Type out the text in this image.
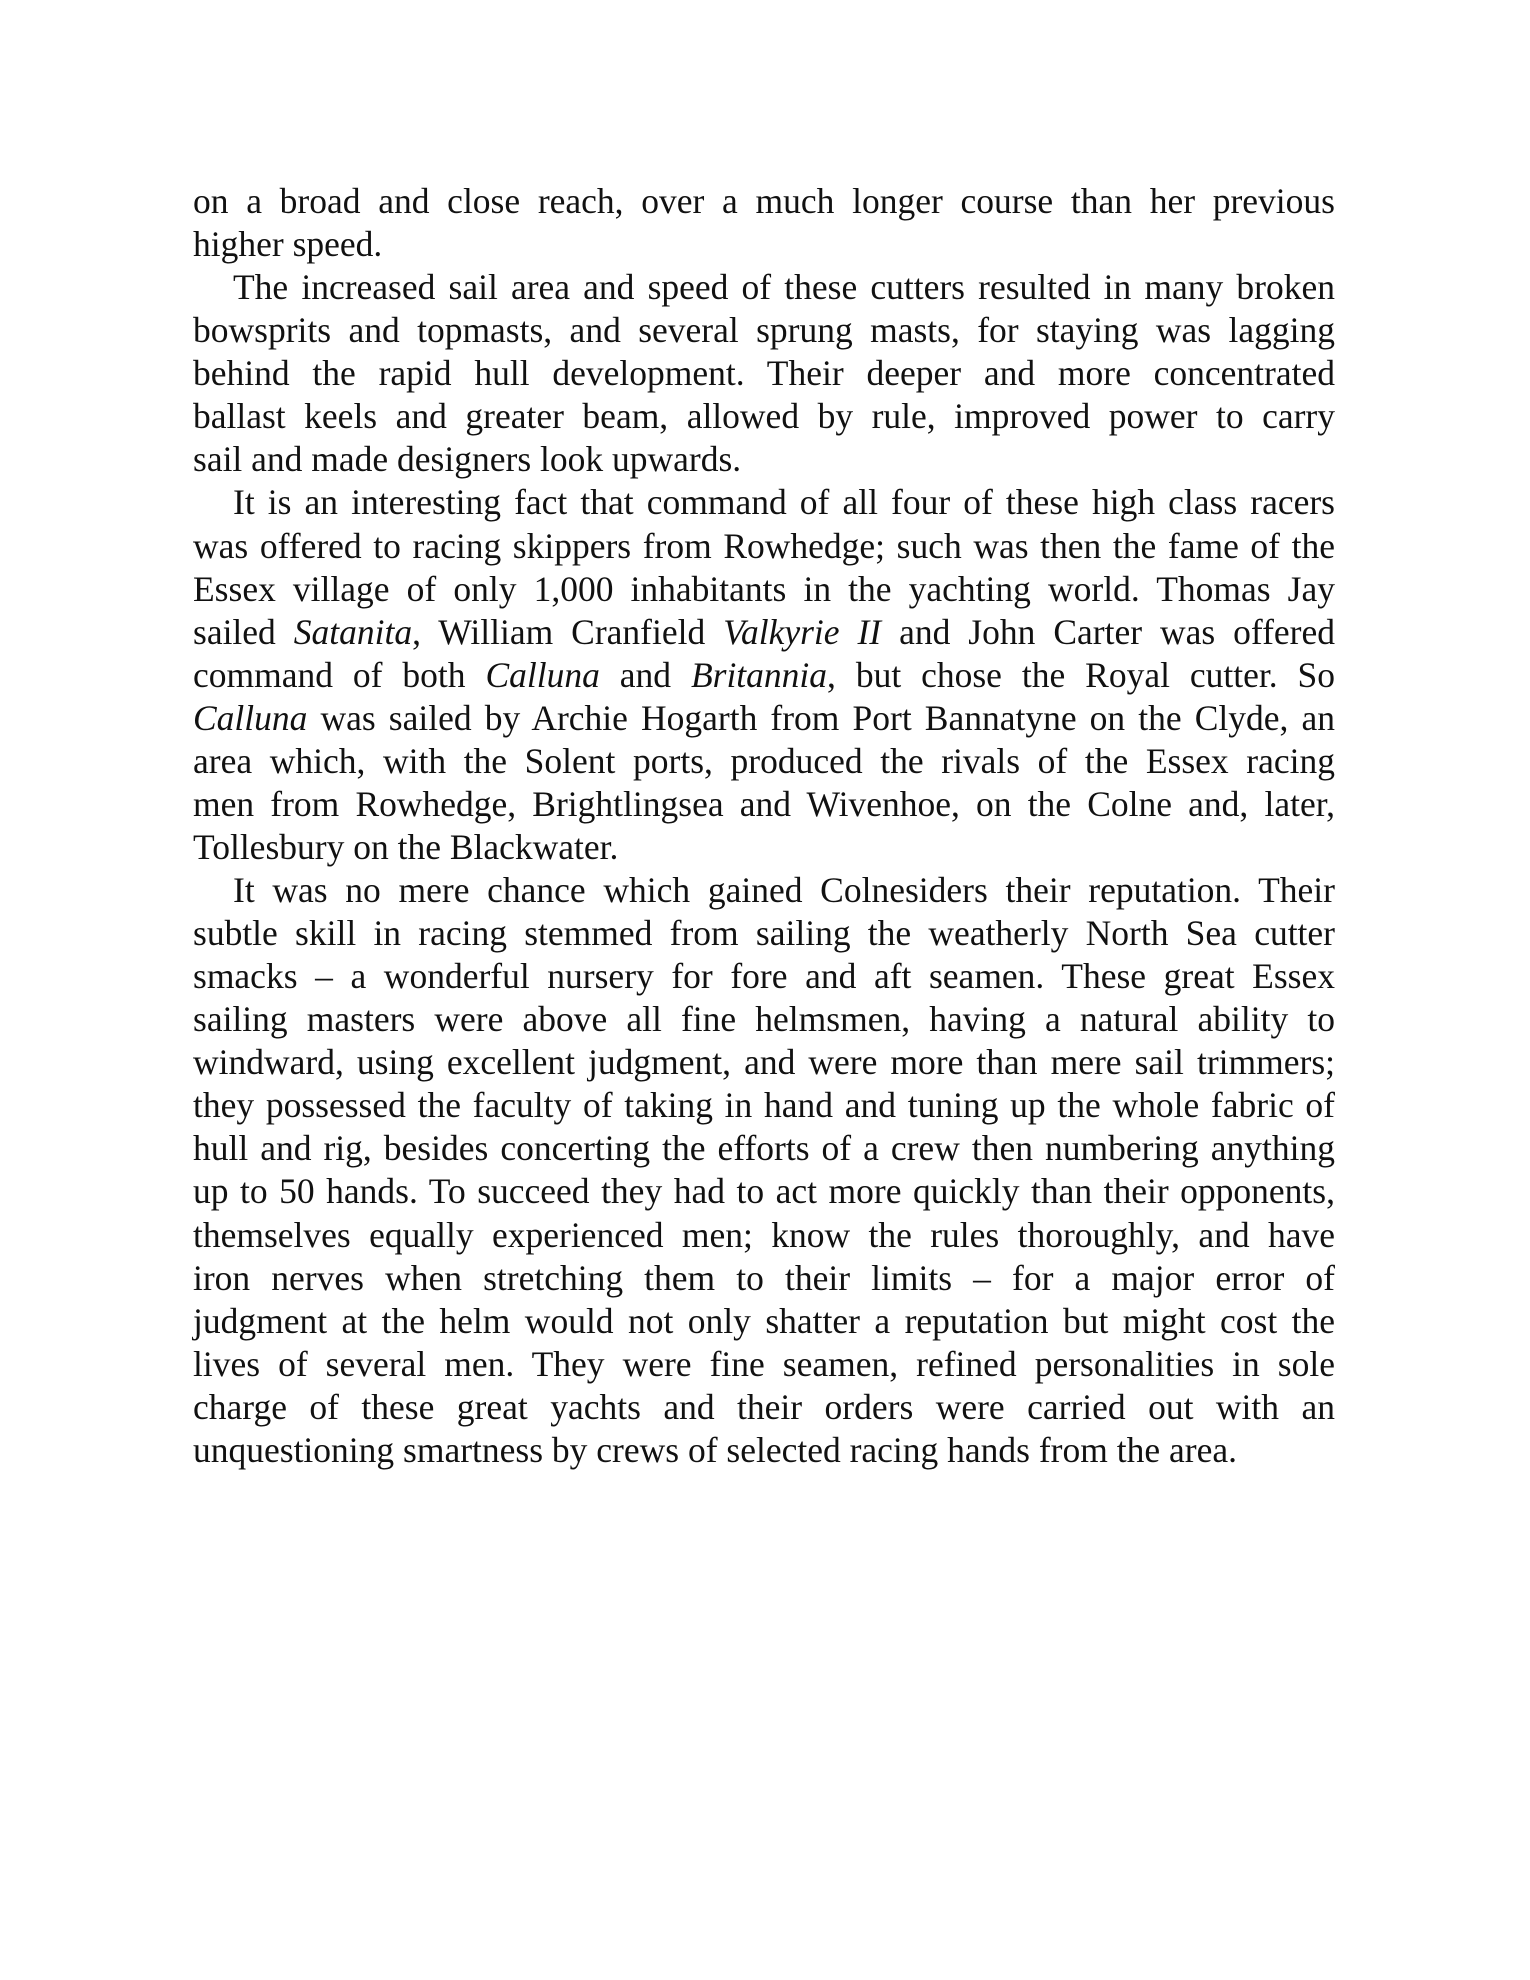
on a broad and close reach, over a much longer course than her previous
higher speed.
The increased sail area and speed of these cutters resulted in many broken
bowsprits and topmasts, and several sprung masts, for staying was lagging
behind the rapid hull development. Their deeper and more concentrated
ballast keels and greater beam, allowed by rule, improved power to carry
sail and made designers look upwards.
It is an interesting fact that command of all four of these high class racers
was offered to racing skippers from Rowhedge; such was then the fame of the
Essex village of only 1,000 inhabitants in the yachting world. Thomas Jay
sailed Satanita, William Cranfield Valkyrie II and John Carter was offered
command of both Calluna and Britannia, but chose the Royal cutter. So
Calluna was sailed by Archie Hogarth from Port Bannatyne on the Clyde, an
area which, with the Solent ports, produced the rivals of the Essex racing
men from Rowhedge, Brightlingsea and Wivenhoe, on the Colne and, later,
Tollesbury on the Blackwater.
It was no mere chance which gained Colnesiders their reputation. Their
subtle skill in racing stemmed from sailing the weatherly North Sea cutter
smacks – a wonderful nursery for fore and aft seamen. These great Essex
sailing masters were above all fine helmsmen, having a natural ability to
windward, using excellent judgment, and were more than mere sail trimmers;
they possessed the faculty of taking in hand and tuning up the whole fabric of
hull and rig, besides concerting the efforts of a crew then numbering anything
up to 50 hands. To succeed they had to act more quickly than their opponents,
themselves equally experienced men; know the rules thoroughly, and have
iron nerves when stretching them to their limits – for a major error of
judgment at the helm would not only shatter a reputation but might cost the
lives of several men. They were fine seamen, refined personalities in sole
charge of these great yachts and their orders were carried out with an
unquestioning smartness by crews of selected racing hands from the area.
